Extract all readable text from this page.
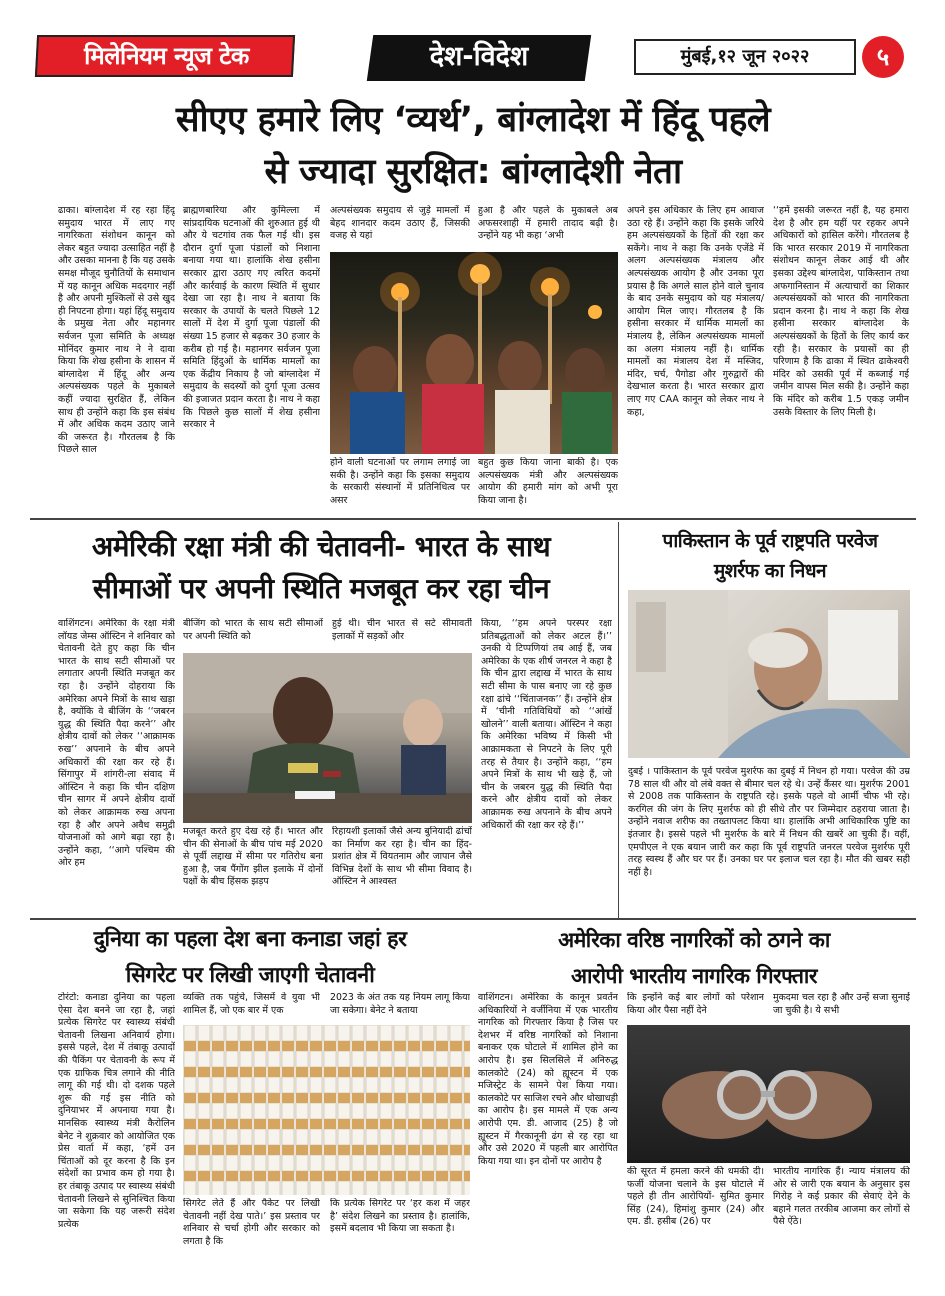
मिलेनियम न्यूज टेक	देश-विदेश	मुंबई,१२ जून २०२२	५
सीएए हमारे लिए ‘व्यर्थ’, बांग्लादेश में हिंदू पहले
से ज्यादा सुरक्षित: बांग्लादेशी नेता
ढाका। बांग्लादेश में रह रहा हिंदू समुदाय भारत में लाए गए नागरिकता संशोधन कानून को लेकर बहुत ज्यादा उत्साहित नहीं है और उसका मानना है कि यह उसके समक्ष मौजूद चुनौतियों के समाधान में यह कानून अधिक मददगार नहीं है और अपनी मुश्किलों से उसे खुद ही निपटना होगा। यहां हिंदू समुदाय के प्रमुख नेता और महानगर सर्वजन पूजा समिति के अध्यक्ष मोनिंदर कुमार नाथ ने ने दावा किया कि शेख हसीना के शासन में बांग्लादेश में हिंदू और अन्य अल्पसंख्यक पहले के मुकाबले कहीं ज्यादा सुरक्षित हैं, लेकिन साथ ही उन्होंने कहा कि इस संबंध में और अधिक कदम उठाए जाने की जरूरत है। गौरतलब है कि पिछले साल
ब्राह्मणबारिया और कुमिल्ला में सांप्रदायिक घटनाओं की शुरुआत हुई थी और ये चटगांव तक फैल गई थी। इस दौरान दुर्गा पूजा पंडालों को निशाना बनाया गया था। हालांकि शेख हसीना सरकार द्वारा उठाए गए त्वरित कदमों और कार्रवाई के कारण स्थिति में सुधार देखा जा रहा है। नाथ ने बताया कि सरकार के उपायों के चलते पिछले 12 सालों में देश में दुर्गा पूजा पंडालों की संख्या 15 हजार से बढ़कर 30 हजार के करीब हो गई है। महानगर सर्वजन पूजा समिति हिंदुओं के धार्मिक मामलों का एक केंद्रीय निकाय है जो बांग्लादेश में समुदाय के सदस्यों को दुर्गा पूजा उत्सव की इजाजत प्रदान करता है। नाथ ने कहा कि पिछले कुछ सालों में शेख हसीना सरकार ने
अल्पसंख्यक समुदाय से जुड़े मामलों में बेहद शानदार कदम उठाए हैं, जिसकी वजह से यहां
हुआ है और पहले के मुकाबले अब अफसरशाही में हमारी तादाद बढ़ी है। उन्होंने यह भी कहा ‘अभी
होने वाली घटनाओं पर लगाम लगाई जा सकी है। उन्होंने कहा कि इसका समुदाय के सरकारी संस्थानों में प्रतिनिधित्व पर असर
बहुत कुछ किया जाना बाकी है। एक अल्पसंख्यक मंत्री और अल्पसंख्यक आयोग की हमारी मांग को अभी पूरा किया जाना है।
अपने इस अधिकार के लिए हम आवाज उठा रहे हैं। उन्होंने कहा कि इसके जरिये हम अल्पसंख्यकों के हितों की रक्षा कर सकेंगे। नाथ ने कहा कि उनके एजेंडे में अलग अल्पसंख्यक मंत्रालय और अल्पसंख्यक आयोग है और उनका पूरा प्रयास है कि अगले साल होने वाले चुनाव के बाद उनके समुदाय को यह मंत्रालय/आयोग मिल जाए। गौरतलब है कि हसीना सरकार में धार्मिक मामलों का मंत्रालय है, लेकिन अल्पसंख्यक मामलों का अलग मंत्रालय नहीं है। धार्मिक मामलों का मंत्रालय देश में मस्जिद, मंदिर, चर्च, पैगोडा और गुरुद्वारों की देखभाल करता है। भारत सरकार द्वारा लाए गए CAA कानून को लेकर नाथ ने कहा,
‘‘हमें इसकी जरूरत नहीं है, यह हमारा देश है और हम यहीं पर रहकर अपने अधिकारों को हासिल करेंगे। गौरतलब है कि भारत सरकार 2019 में नागरिकता संशोधन कानून लेकर आई थी और इसका उद्देश्य बांग्लादेश, पाकिस्तान तथा अफगानिस्तान में अत्याचारों का शिकार अल्पसंख्यकों को भारत की नागरिकता प्रदान करना है। नाथ ने कहा कि शेख हसीना सरकार बांग्लादेश के अल्पसंख्यकों के हितों के लिए कार्य कर रही है। सरकार के प्रयासों का ही परिणाम है कि ढाका में स्थित ढाकेश्वरी मंदिर को उसकी पूर्व में कब्जाई गई जमीन वापस मिल सकी है। उन्होंने कहा कि मंदिर को करीब 1.5 एकड़ जमीन उसके विस्तार के लिए मिली है।
अमेरिकी रक्षा मंत्री की चेतावनी- भारत के साथ
सीमाओं पर अपनी स्थिति मजबूत कर रहा चीन
वाशिंगटन। अमेरिका के रक्षा मंत्री लॉयड जेम्स ऑस्टिन ने शनिवार को चेतावनी देते हुए कहा कि चीन भारत के साथ सटी सीमाओं पर लगातार अपनी स्थिति मजबूत कर रहा है। उन्होंने दोहराया कि अमेरिका अपने मित्रों के साथ खड़ा है, क्योंकि वे बीजिंग के ‘‘जबरन युद्ध की स्थिति पैदा करने’’ और क्षेत्रीय दावों को लेकर ‘‘आक्रामक रुख’’ अपनाने के बीच अपने अधिकारों की रक्षा कर रहे हैं। सिंगापुर में शांगरी-ला संवाद में ऑस्टिन ने कहा कि चीन दक्षिण चीन सागर में अपने क्षेत्रीय दावों को लेकर आक्रामक रुख अपना रहा है और अपने अवैध समुद्री योजनाओं को आगे बढ़ा रहा है। उन्होंने कहा, ‘‘आगे पश्चिम की ओर हम
बीजिंग को भारत के साथ सटी सीमाओं पर अपनी स्थिति को
हुई थी। चीन भारत से सटे सीमावर्ती इलाकों में सड़कों और
मजबूत करते हुए देख रहे हैं। भारत और चीन की सेनाओं के बीच पांच मई 2020 से पूर्वी लद्दाख में सीमा पर गतिरोध बना हुआ है, जब पैंगोंग झील इलाके में दोनों पक्षों के बीच हिंसक झड़प
रिहायशी इलाकों जैसे अन्य बुनियादी ढांचों का निर्माण कर रहा है। चीन का हिंद-प्रशांत क्षेत्र में वियतनाम और जापान जैसे विभिन्न देशों के साथ भी सीमा विवाद है। ऑस्टिन ने आश्वस्त
किया, ‘‘हम अपने परस्पर रक्षा प्रतिबद्धताओं को लेकर अटल हैं।’’ उनकी ये टिप्पणियां तब आई हैं, जब अमेरिका के एक शीर्ष जनरल ने कहा है कि चीन द्वारा लद्दाख में भारत के साथ सटी सीमा के पास बनाए जा रहे कुछ रक्षा ढांचे ‘‘चिंताजनक’’ हैं। उन्होंने क्षेत्र में ‘चीनी गतिविधियों को ‘‘आंखें खोलने’’ वाली बताया। ऑस्टिन ने कहा कि अमेरिका भविष्य में किसी भी आक्रामकता से निपटने के लिए पूरी तरह से तैयार है। उन्होंने कहा, ‘‘हम अपने मित्रों के साथ भी खड़े हैं, जो चीन के जबरन युद्ध की स्थिति पैदा करने और क्षेत्रीय दावों को लेकर आक्रामक रुख अपनाने के बीच अपने अधिकारों की रक्षा कर रहे हैं।’’
पाकिस्तान के पूर्व राष्ट्रपति परवेज
मुशर्रफ का निधन
दुबई । पाकिस्तान के पूर्व परवेज मुशर्रफ का दुबई में निधन हो गया। परवेज की उम्र 78 साल थी और वो लंबे वक्त से बीमार चल रहे थे। उन्हें कैंसर था। मुशर्रफ 2001 से 2008 तक पाकिस्तान के राष्ट्रपति रहे। इसके पहले वो आर्मी चीफ भी रहे। करगिल की जंग के लिए मुशर्रफ को ही सीधे तौर पर जिम्मेदार ठहराया जाता है। उन्होंने नवाज शरीफ का तख्तापलट किया था। हालांकि अभी आधिकारिक पुष्टि का इंतजार है। इससे पहले भी मुशर्रफ के बारे में निधन की खबरें आ चुकी हैं। वहीं, एमपीएल ने एक बयान जारी कर कहा कि पूर्व राष्ट्रपति जनरल परवेज मुशर्रफ पूरी तरह स्वस्थ हैं और घर पर हैं। उनका घर पर इलाज चल रहा है। मौत की खबर सही नहीं है।
दुनिया का पहला देश बना कनाडा जहां हर
सिगरेट पर लिखी जाएगी चेतावनी
टोरंटो: कनाडा दुनिया का पहला ऐसा देश बनने जा रहा है, जहां प्रत्येक सिगरेट पर स्वास्थ्य संबंधी चेतावनी लिखना अनिवार्य होगा। इससे पहले, देश में तंबाकू उत्पादों की पैकिंग पर चेतावनी के रूप में एक ग्राफिक चित्र लगाने की नीति लागू की गई थी। दो दशक पहले शुरू की गई इस नीति को दुनियाभर में अपनाया गया है। मानसिक स्वास्थ्य मंत्री कैरोलिन बेनेट ने शुक्रवार को आयोजित एक प्रेस वार्ता में कहा, ‘हमें उन चिंताओं को दूर करना है कि इन संदेशों का प्रभाव कम हो गया है। हर तंबाकू उत्पाद पर स्वास्थ्य संबंधी चेतावनी लिखने से सुनिश्चित किया जा सकेगा कि यह जरूरी संदेश प्रत्येक
व्यक्ति तक पहुंचे, जिसमें वे युवा भी शामिल हैं, जो एक बार में एक
2023 के अंत तक यह नियम लागू किया जा सकेगा। बेनेट ने बताया
सिगरेट लेते हैं और पैकेट पर लिखी चेतावनी नहीं देख पाते।’ इस प्रस्ताव पर शनिवार से चर्चा होगी और सरकार को लगता है कि
कि प्रत्येक सिगरेट पर ‘हर कश में जहर है’ संदेश लिखने का प्रस्ताव है। हालांकि, इसमें बदलाव भी किया जा सकता है।
अमेरिका वरिष्ठ नागरिकों को ठगने का
आरोपी भारतीय नागरिक गिरफ्तार
वाशिंगटन। अमेरिका के कानून प्रवर्तन अधिकारियों ने वर्जीनिया में एक भारतीय नागरिक को गिरफ्तार किया है जिस पर देशभर में वरिष्ठ नागरिकों को निशाना बनाकर एक घोटाले में शामिल होने का आरोप है। इस सिलसिले में अनिरुद्ध कालकोटे (24) को ह्यूस्टन में एक मजिस्ट्रेट के सामने पेश किया गया। कालकोटे पर साजिश रचने और धोखाधड़ी का आरोप है। इस मामले में एक अन्य आरोपी एम. डी. आजाद (25) है जो ह्यूस्टन में गैरकानूनी ढंग से रह रहा था और उसे 2020 में पहली बार आरोपित किया गया था। इन दोनों पर आरोप है
कि इन्होंने कई बार लोगों को परेशान किया और पैसा नहीं देने
मुकदमा चल रहा है और उन्हें सजा सुनाई जा चुकी है। ये सभी
की सूरत में हमला करने की धमकी दी। फर्जी योजना चलाने के इस घोटाले में पहले ही तीन आरोपियों- सुमित कुमार सिंह (24), हिमांशु कुमार (24) और एम. डी. हसीब (26) पर
भारतीय नागरिक हैं। न्याय मंत्रालय की ओर से जारी एक बयान के अनुसार इस गिरोह ने कई प्रकार की सेवाएं देने के बहाने गलत तरकीब आजमा कर लोगों से पैसे ऐंठे।
